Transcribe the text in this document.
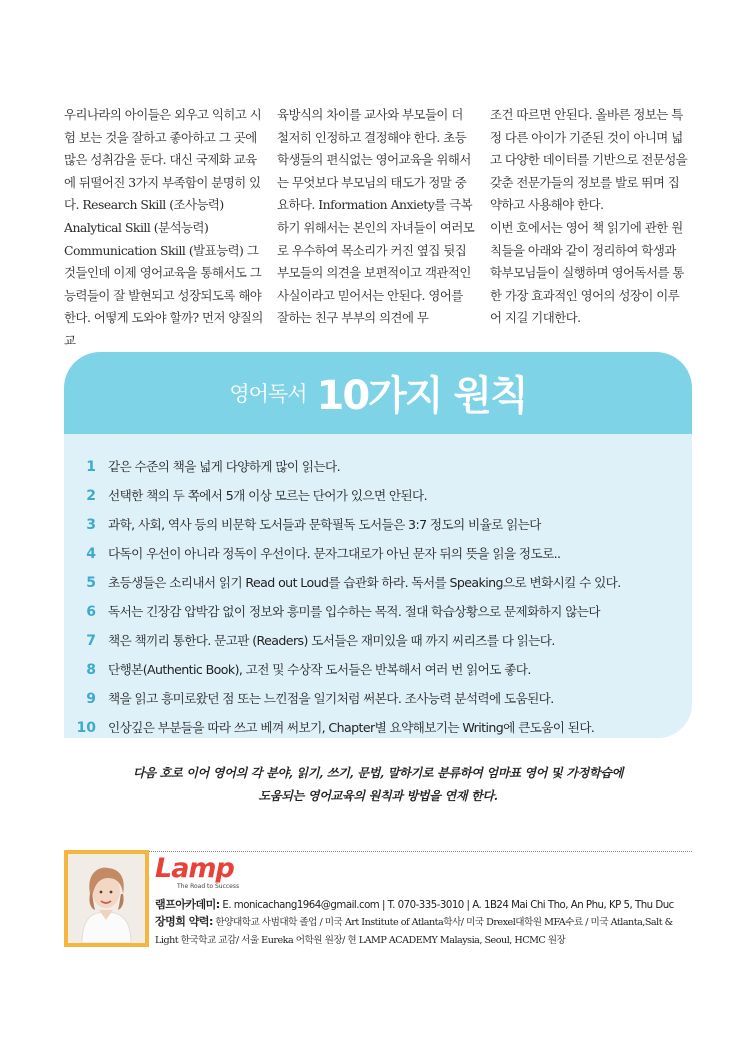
우리나라의 아이들은 외우고 익히고 시험 보는 것을 잘하고 좋아하고 그 곳에 많은 성취감을 둔다. 대신 국제화 교육에 뒤떨어진 3가지 부족함이 분명히 있다. Research Skill (조사능력) Analytical Skill (분석능력) Communication Skill (발표능력) 그것들인데 이제 영어교육을 통해서도 그 능력들이 잘 발현되고 성장되도록 해야한다. 어떻게 도와야 할까? 먼저 양질의 교

육방식의 차이를 교사와 부모들이 더 철저히 인정하고 결정해야 한다. 초등학생들의 편식없는 영어교육을 위해서는 무엇보다 부모님의 태도가 정말 중요하다. Information Anxiety를 극복하기 위해서는 본인의 자녀들이 여러모로 우수하여 목소리가 커진 옆집 뒷집 부모들의 의견을 보편적이고 객관적인 사실이라고 믿어서는 안된다. 영어를 잘하는 친구 부부의 의견에 무

조건 따르면 안된다. 올바른 정보는 특정 다른 아이가 기준된 것이 아니며 넓고 다양한 데이터를 기반으로 전문성을 갖춘 전문가들의 정보를 발로 뛰며 집약하고 사용해야 한다.

이번 호에서는 영어 책 읽기에 관한 원칙들을 아래와 같이 정리하여 학생과 학부모님들이 실행하며 영어독서를 통한 가장 효과적인 영어의 성장이 이루어 지길 기대한다.

영어독서 10가지 원칙
1 같은 수준의 책을 넓게 다양하게 많이 읽는다.
2 선택한 책의 두 쪽에서 5개 이상 모르는 단어가 있으면 안된다.
3 과학, 사회, 역사 등의 비문학 도서들과 문학필독 도서들은 3:7 정도의 비율로 읽는다
4 다독이 우선이 아니라 정독이 우선이다. 문자그대로가 아닌 문자 뒤의 뜻을 읽을 정도로..
5 초등생들은 소리내서 읽기 Read out Loud를 습관화 하라. 독서를 Speaking으로 변화시킬 수 있다.
6 독서는 긴장감 압박감 없이 정보와 흥미를 입수하는 목적. 절대 학습상황으로 문제화하지 않는다
7 책은 책끼리 통한다. 문고판 (Readers) 도서들은 재미있을 때 까지 씨리즈를 다 읽는다.
8 단행본(Authentic Book), 고전 및 수상작 도서들은 반복해서 여러 번 읽어도 좋다.
9 책을 읽고 흥미로왔던 점 또는 느낀점을 일기처럼 써본다. 조사능력 분석력에 도움된다.
10 인상깊은 부분들을 따라 쓰고 베껴 써보기, Chapter별 요약해보기는 Writing에 큰도움이 된다.
다음 호로 이어 영어의 각 분야, 읽기, 쓰기, 문법, 말하기로 분류하여 엄마표 영어 및 가정학습에
도움되는 영어교육의 원칙과 방법을 연재 한다.
Lamp
The Road to Success
램프아카데미: E. monicachang1964@gmail.com | T. 070-335-3010 | A. 1B24 Mai Chi Tho, An Phu, KP 5, Thu Duc
장명희 약력: 한양대학교 사범대학 졸업 / 미국 Art Institute of Atlanta학사/ 미국 Drexel대학원 MFA수료 / 미국 Atlanta,Salt & Light 한국학교 교감/ 서울 Eureka 어학원 원장/ 현 LAMP ACADEMY Malaysia, Seoul, HCMC 원장
